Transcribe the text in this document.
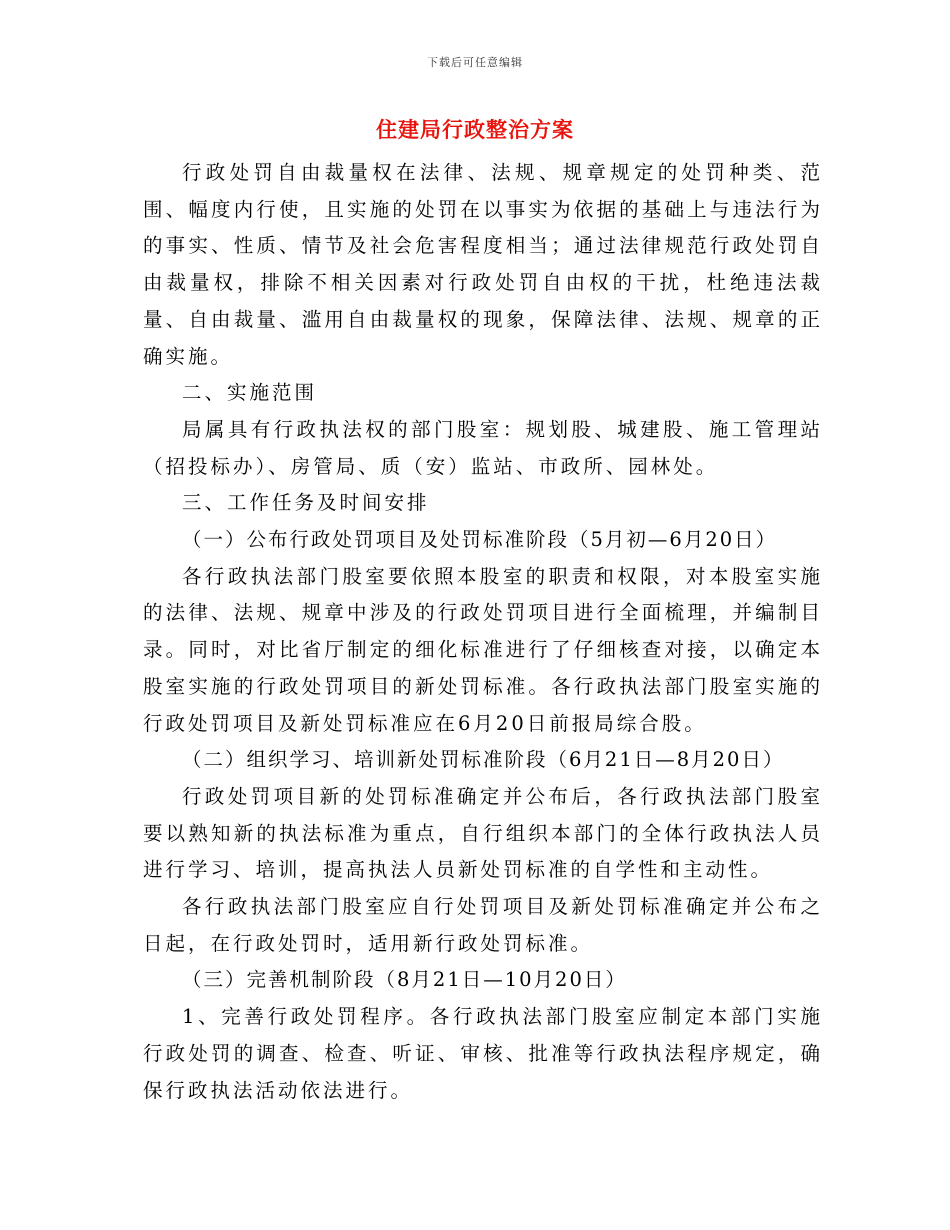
下载后可任意编辑
住建局行政整治方案

行政处罚自由裁量权在法律、法规、规章规定的处罚种类、范围、幅度内行使，且实施的处罚在以事实为依据的基础上与违法行为的事实、性质、情节及社会危害程度相当；通过法律规范行政处罚自由裁量权，排除不相关因素对行政处罚自由权的干扰，杜绝违法裁量、自由裁量、滥用自由裁量权的现象，保障法律、法规、规章的正确实施。

二、实施范围

局属具有行政执法权的部门股室：规划股、城建股、施工管理站（招投标办）、房管局、质（安）监站、市政所、园林处。

三、工作任务及时间安排

（一）公布行政处罚项目及处罚标准阶段（5月初—6月20日）

各行政执法部门股室要依照本股室的职责和权限，对本股室实施的法律、法规、规章中涉及的行政处罚项目进行全面梳理，并编制目录。同时，对比省厅制定的细化标准进行了仔细核查对接，以确定本股室实施的行政处罚项目的新处罚标准。各行政执法部门股室实施的行政处罚项目及新处罚标准应在6月20日前报局综合股。

（二）组织学习、培训新处罚标准阶段（6月21日—8月20日）

行政处罚项目新的处罚标准确定并公布后，各行政执法部门股室要以熟知新的执法标准为重点，自行组织本部门的全体行政执法人员进行学习、培训，提高执法人员新处罚标准的自学性和主动性。

各行政执法部门股室应自行处罚项目及新处罚标准确定并公布之日起，在行政处罚时，适用新行政处罚标准。

（三）完善机制阶段（8月21日—10月20日）

1、完善行政处罚程序。各行政执法部门股室应制定本部门实施行政处罚的调查、检查、听证、审核、批准等行政执法程序规定，确保行政执法活动依法进行。
